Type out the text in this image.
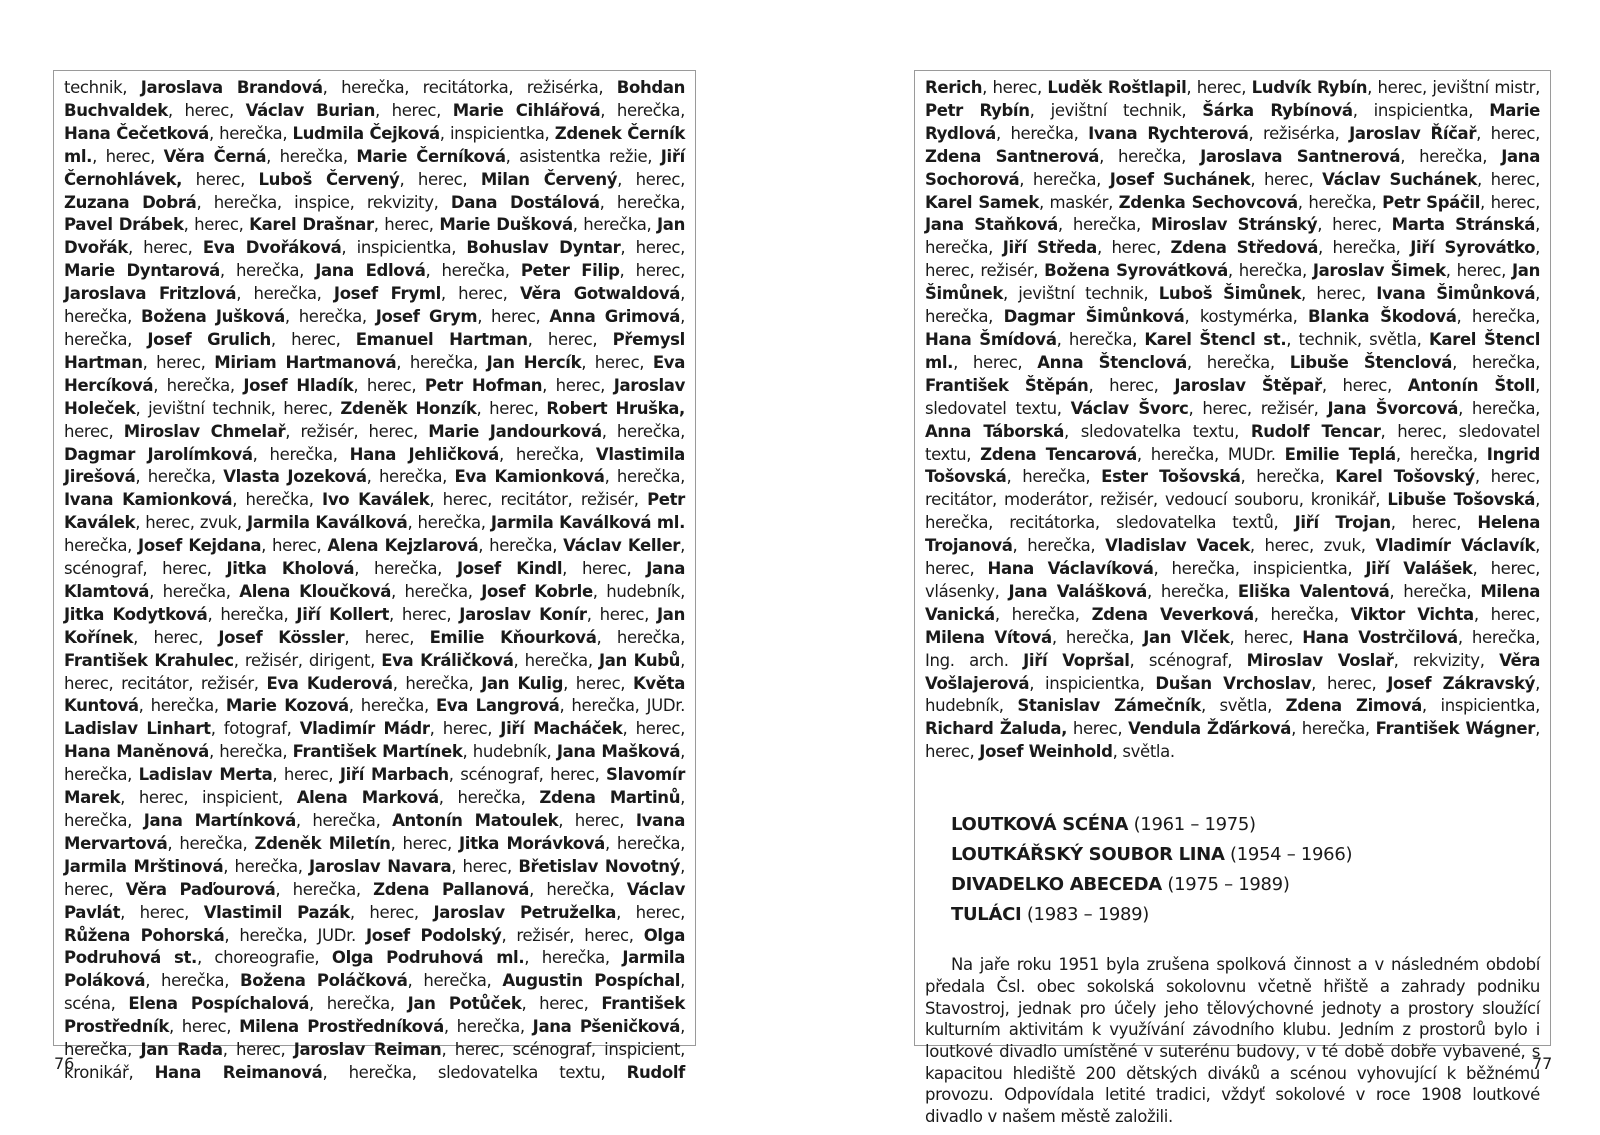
technik, Jaroslava Brandová, herečka, recitátorka, režisérka, Bohdan Buchvaldek, herec, Václav Burian, herec, Marie Cihlářová, herečka, Hana Čečetková, herečka, Ludmila Čejková, inspicientka, Zdenek Černík ml., herec, Věra Černá, herečka, Marie Černíková, asistentka režie, Jiří Černohlávek, herec, Luboš Červený, herec, Milan Červený, herec, Zuzana Dobrá, herečka, inspice, rekvizity, Dana Dostálová, herečka, Pavel Drábek, herec, Karel Drašnar, herec, Marie Dušková, herečka, Jan Dvořák, herec, Eva Dvořáková, inspicientka, Bohuslav Dyntar, herec, Marie Dyntarová, herečka, Jana Edlová, herečka, Peter Filip, herec, Jaroslava Fritzlová, herečka, Josef Fryml, herec, Věra Gotwaldová, herečka, Božena Jušková, herečka, Josef Grym, herec, Anna Grimová, herečka, Josef Grulich, herec, Emanuel Hartman, herec, Přemysl Hartman, herec, Miriam Hartmanová, herečka, Jan Hercík, herec, Eva Hercíková, herečka, Josef Hladík, herec, Petr Hofman, herec, Jaroslav Holeček, jevištní technik, herec, Zdeněk Honzík, herec, Robert Hruška, herec, Miroslav Chmelař, režisér, herec, Marie Jandourková, herečka, Dagmar Jarolímková, herečka, Hana Jehličková, herečka, Vlastimila Jirešová, herečka, Vlasta Jozeková, herečka, Eva Kamionková, herečka, Ivana Kamionková, herečka, Ivo Kaválek, herec, recitátor, režisér, Petr Kaválek, herec, zvuk, Jarmila Kaválková, herečka, Jarmila Kaválková ml. herečka, Josef Kejdana, herec, Alena Kejzlarová, herečka, Václav Keller, scénograf, herec, Jitka Kholová, herečka, Josef Kindl, herec, Jana Klamtová, herečka, Alena Kloučková, herečka, Josef Kobrle, hudebník, Jitka Kodytková, herečka, Jiří Kollert, herec, Jaroslav Konír, herec, Jan Kořínek, herec, Josef Kössler, herec, Emilie Kňourková, herečka, František Krahulec, režisér, dirigent, Eva Králičková, herečka, Jan Kubů, herec, recitátor, režisér, Eva Kuderová, herečka, Jan Kulig, herec, Květa Kuntová, herečka, Marie Kozová, herečka, Eva Langrová, herečka, JUDr. Ladislav Linhart, fotograf, Vladimír Mádr, herec, Jiří Macháček, herec, Hana Maněnová, herečka, František Martínek, hudebník, Jana Mašková, herečka, Ladislav Merta, herec, Jiří Marbach, scénograf, herec, Slavomír Marek, herec, inspicient, Alena Marková, herečka, Zdena Martinů, herečka, Jana Martínková, herečka, Antonín Matoulek, herec, Ivana Mervartová, herečka, Zdeněk Miletín, herec, Jitka Morávková, herečka, Jarmila Mrštinová, herečka, Jaroslav Navara, herec, Břetislav Novotný, herec, Věra Paďourová, herečka, Zdena Pallanová, herečka, Václav Pavlát, herec, Vlastimil Pazák, herec, Jaroslav Petruželka, herec, Růžena Pohorská, herečka, JUDr. Josef Podolský, režisér, herec, Olga Podruhová st., choreografie, Olga Podruhová ml., herečka, Jarmila Poláková, herečka, Božena Poláčková, herečka, Augustin Pospíchal, scéna, Elena Pospíchalová, herečka, Jan Potůček, herec, František Prostředník, herec, Milena Prostředníková, herečka, Jana Pšeničková, herečka, Jan Rada, herec, Jaroslav Reiman, herec, scénograf, inspicient, kronikář, Hana Reimanová, herečka, sledovatelka textu, Rudolf

76

Rerich, herec, Luděk Roštlapil, herec, Ludvík Rybín, herec, jevištní mistr, Petr Rybín, jevištní technik, Šárka Rybínová, inspicientka, Marie Rydlová, herečka, Ivana Rychterová, režisérka, Jaroslav Říčař, herec, Zdena Santnerová, herečka, Jaroslava Santnerová, herečka, Jana Sochorová, herečka, Josef Suchánek, herec, Václav Suchánek, herec, Karel Samek, maskér, Zdenka Sechovcová, herečka, Petr Spáčil, herec, Jana Staňková, herečka, Miroslav Stránský, herec, Marta Stránská, herečka, Jiří Středa, herec, Zdena Středová, herečka, Jiří Syrovátko, herec, režisér, Božena Syrovátková, herečka, Jaroslav Šimek, herec, Jan Šimůnek, jevištní technik, Luboš Šimůnek, herec, Ivana Šimůnková, herečka, Dagmar Šimůnková, kostymérka, Blanka Škodová, herečka, Hana Šmídová, herečka, Karel Štencl st., technik, světla, Karel Štencl ml., herec, Anna Štenclová, herečka, Libuše Štenclová, herečka, František Štěpán, herec, Jaroslav Štěpař, herec, Antonín Štoll, sledovatel textu, Václav Švorc, herec, režisér, Jana Švorcová, herečka, Anna Táborská, sledovatelka textu, Rudolf Tencar, herec, sledovatel textu, Zdena Tencarová, herečka, MUDr. Emilie Teplá, herečka, Ingrid Tošovská, herečka, Ester Tošovská, herečka, Karel Tošovský, herec, recitátor, moderátor, režisér, vedoucí souboru, kronikář, Libuše Tošovská, herečka, recitátorka, sledovatelka textů, Jiří Trojan, herec, Helena Trojanová, herečka, Vladislav Vacek, herec, zvuk, Vladimír Václavík, herec, Hana Václavíková, herečka, inspicientka, Jiří Valášek, herec, vlásenky, Jana Valášková, herečka, Eliška Valentová, herečka, Milena Vanická, herečka, Zdena Veverková, herečka, Viktor Vichta, herec, Milena Vítová, herečka, Jan Vlček, herec, Hana Vostrčilová, herečka, Ing. arch. Jiří Vopršal, scénograf, Miroslav Voslař, rekvizity, Věra Vošlajerová, inspicientka, Dušan Vrchoslav, herec, Josef Zákravský, hudebník, Stanislav Zámečník, světla, Zdena Zimová, inspicientka, Richard Žaluda, herec, Vendula Žďárková, herečka, František Wágner, herec, Josef Weinhold, světla.

LOUTKOVÁ SCÉNA (1961 – 1975)
LOUTKÁŘSKÝ SOUBOR LINA (1954 – 1966)
DIVADELKO ABECEDA (1975 – 1989)
TULÁCI (1983 – 1989)

Na jaře roku 1951 byla zrušena spolková činnost a v následném období předala Čsl. obec sokolská sokolovnu včetně hřiště a zahrady podniku Stavostroj, jednak pro účely jeho tělovýchovné jednoty a prostory sloužící kulturním aktivitám k využívání závodního klubu. Jedním z prostorů bylo i loutkové divadlo umístěné v suterénu budovy, v té době dobře vybavené, s kapacitou hlediště 200 dětských diváků a scénou vyhovující k běžnému provozu. Odpovídala letité tradici, vždyť sokolové v roce 1908 loutkové divadlo v našem městě založili.

77
